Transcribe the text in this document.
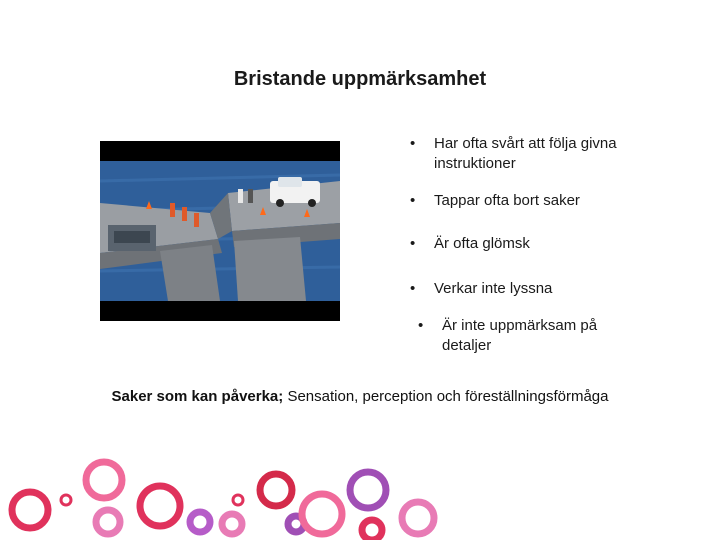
Bristande uppmärksamhet
•	Har ofta svårt att följa givna instruktioner
•	Tappar ofta bort saker
•	Är ofta glömsk
•	Verkar inte lyssna
•	Är inte uppmärksam på detaljer
Saker som kan påverka; Sensation, perception och föreställningsförmåga
